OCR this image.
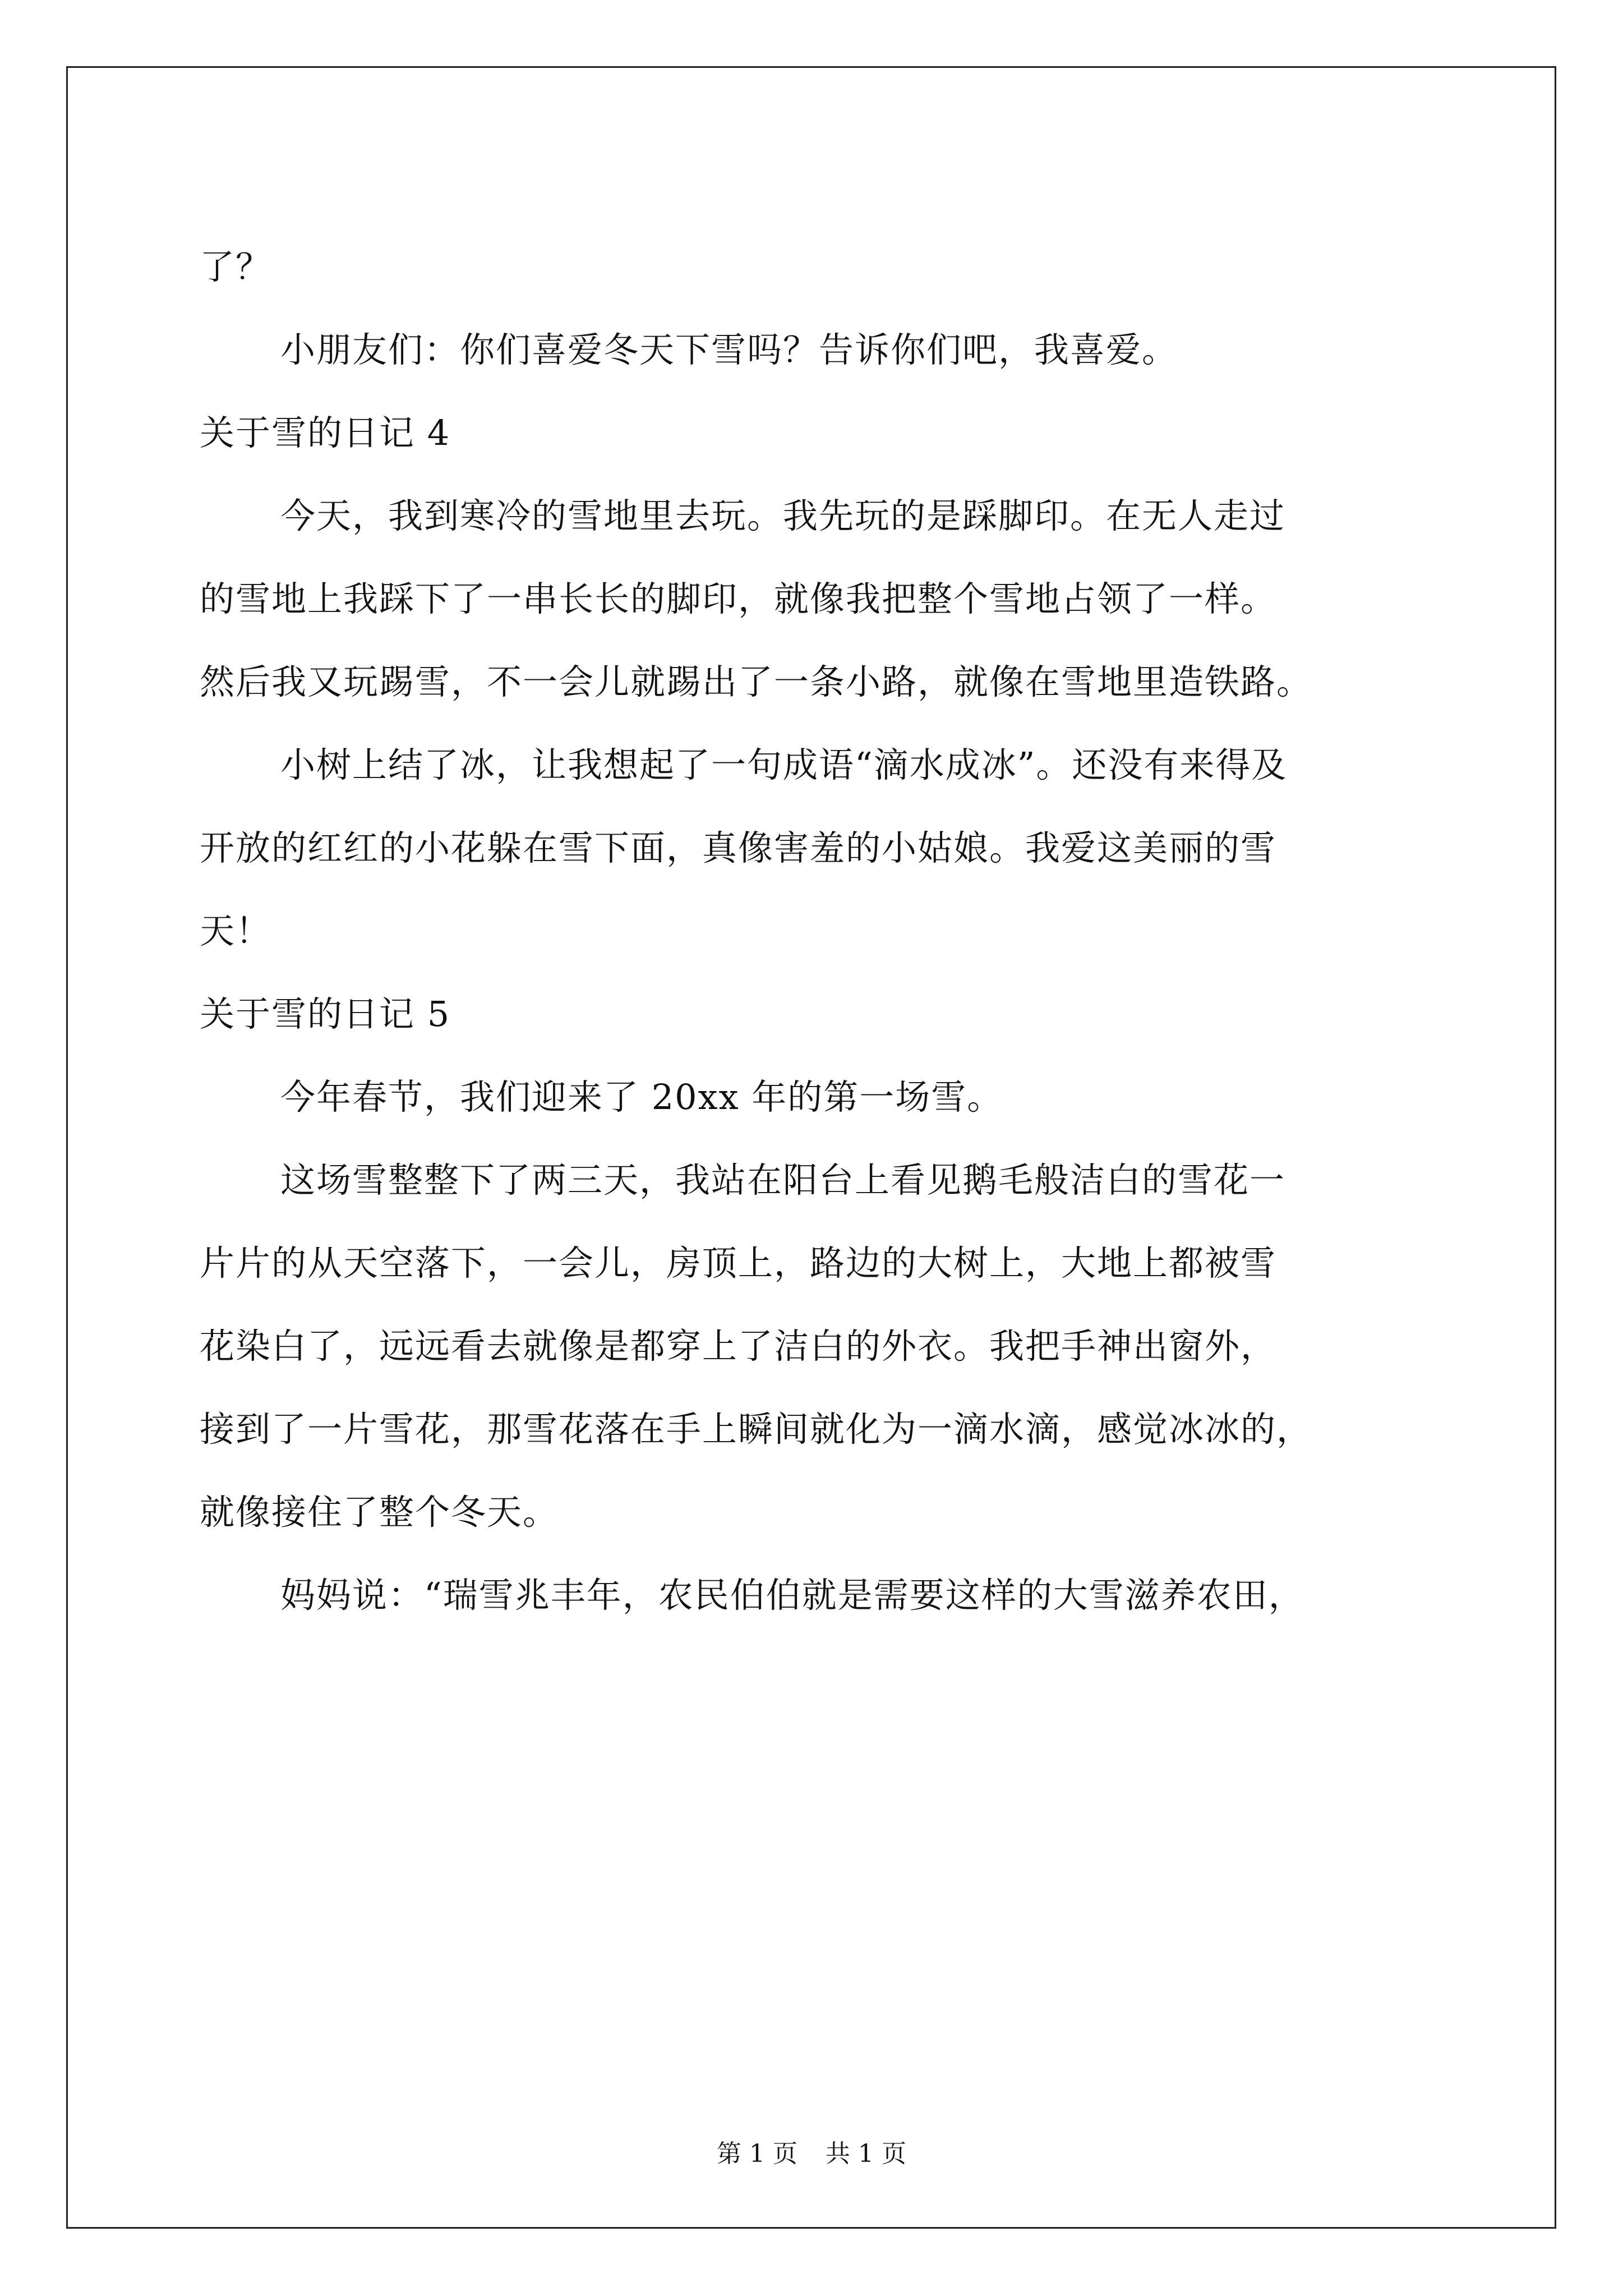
了？
小朋友们：你们喜爱冬天下雪吗？告诉你们吧，我喜爱。
关于雪的日记 4
今天，我到寒冷的雪地里去玩。我先玩的是踩脚印。在无人走过
的雪地上我踩下了一串长长的脚印，就像我把整个雪地占领了一样。
然后我又玩踢雪，不一会儿就踢出了一条小路，就像在雪地里造铁路。
小树上结了冰，让我想起了一句成语“滴水成冰”。还没有来得及
开放的红红的小花躲在雪下面，真像害羞的小姑娘。我爱这美丽的雪
天！
关于雪的日记 5
今年春节，我们迎来了 20xx 年的第一场雪。
这场雪整整下了两三天，我站在阳台上看见鹅毛般洁白的雪花一
片片的从天空落下，一会儿，房顶上，路边的大树上，大地上都被雪
花染白了，远远看去就像是都穿上了洁白的外衣。我把手神出窗外，
接到了一片雪花，那雪花落在手上瞬间就化为一滴水滴，感觉冰冰的，
就像接住了整个冬天。
妈妈说：“瑞雪兆丰年，农民伯伯就是需要这样的大雪滋养农田，
第 1 页 共 1 页
